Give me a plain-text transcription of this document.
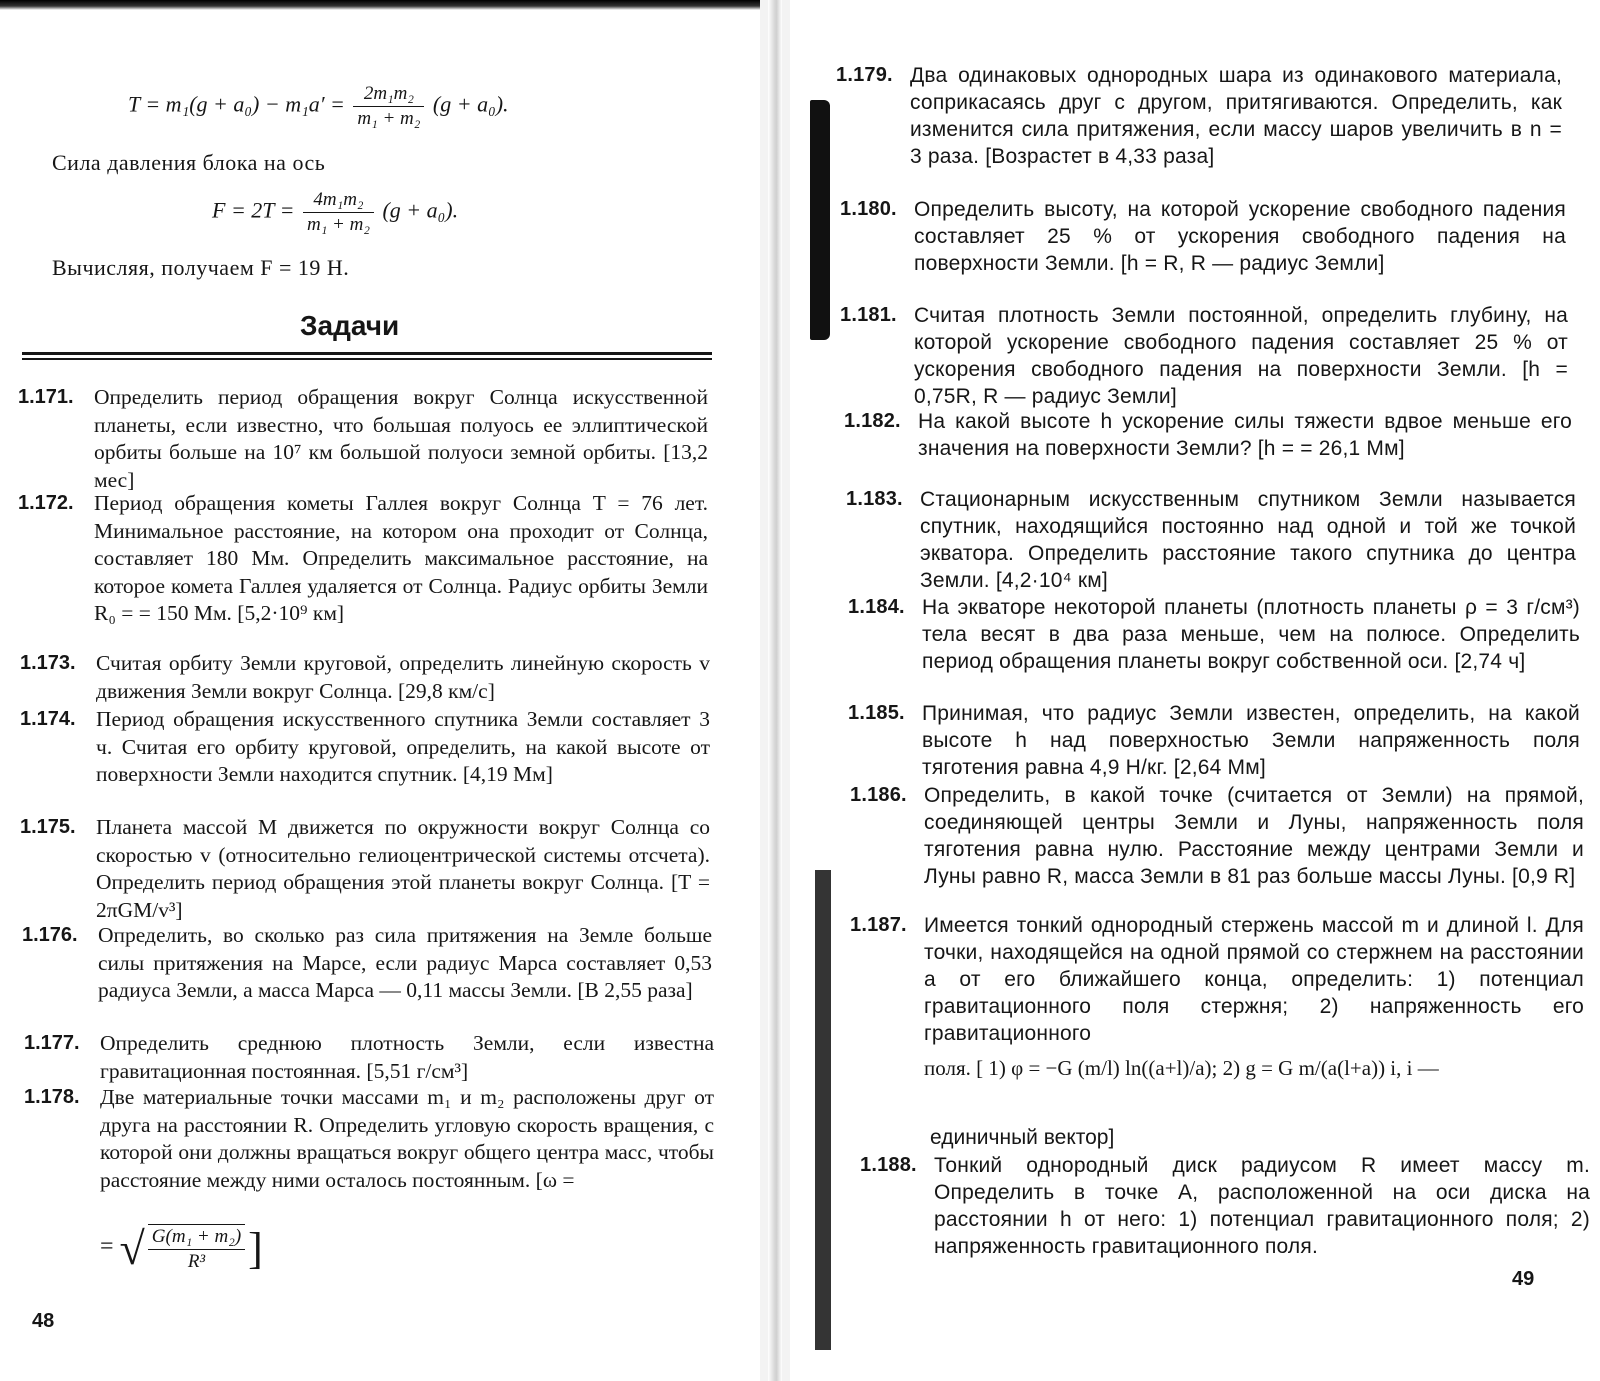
$T = m_1(g + a_0) - m_1a' = \frac{\text{2m₁m₂}}{\text{m₁ + m₂}} (g + a_0)$.
Сила давления блока на ось
$F = 2T = \frac{\text{4m₁m₂}}{\text{m₁ + m₂}} (g + a_0)$.
Вычисляя, получаем F = 19 Н.
Задачи
1.171. Определить период обращения вокруг Солнца искусственной планеты, если известно, что большая полуось ее эллиптической орбиты больше на 10⁷ км большой полуоси земной орбиты. [13,2 мес]
1.172. Период обращения кометы Галлея вокруг Солнца T = 76 лет. Минимальное расстояние, на котором она проходит от Солнца, составляет 180 Мм. Определить максимальное расстояние, на которое комета Галлея удаляется от Солнца. Радиус орбиты Земли R₀ = = 150 Мм. [5,2·10⁹ км]
1.173. Считая орбиту Земли круговой, определить линейную скорость v движения Земли вокруг Солнца. [29,8 км/с]
1.174. Период обращения искусственного спутника Земли составляет 3 ч. Считая его орбиту круговой, определить, на какой высоте от поверхности Земли находится спутник. [4,19 Мм]
1.175. Планета массой M движется по окружности вокруг Солнца со скоростью v (относительно гелиоцентрической системы отсчета). Определить период обращения этой планеты вокруг Солнца. [T = 2πGM/v³]
1.176. Определить, во сколько раз сила притяжения на Земле больше силы притяжения на Марсе, если радиус Марса составляет 0,53 радиуса Земли, а масса Марса — 0,11 массы Земли. [В 2,55 раза]
1.177. Определить среднюю плотность Земли, если известна гравитационная постоянная. [5,51 г/см³]
1.178. Две материальные точки массами m₁ и m₂ расположены друг от друга на расстоянии R. Определить угловую скорость вращения, с которой они должны вращаться вокруг общего центра масс, чтобы расстояние между ними осталось постоянным. [ω =
= √ $\frac{\text{G(m₁ + m₂)}}{\text{R³}}$ ]
48
1.179. Два одинаковых однородных шара из одинакового материала, соприкасаясь друг с другом, притягиваются. Определить, как изменится сила притяжения, если массу шаров увеличить в n = 3 раза. [Возрастет в 4,33 раза]
1.180. Определить высоту, на которой ускорение свободного падения составляет 25 % от ускорения свободного падения на поверхности Земли. [h = R, R — радиус Земли]
1.181. Считая плотность Земли постоянной, определить глубину, на которой ускорение свободного падения составляет 25 % от ускорения свободного падения на поверхности Земли. [h = 0,75R, R — радиус Земли]
1.182. На какой высоте h ускорение силы тяжести вдвое меньше его значения на поверхности Земли? [h = = 26,1 Мм]
1.183. Стационарным искусственным спутником Земли называется спутник, находящийся постоянно над одной и той же точкой экватора. Определить расстояние такого спутника до центра Земли. [4,2·10⁴ км]
1.184. На экваторе некоторой планеты (плотность планеты ρ = 3 г/см³) тела весят в два раза меньше, чем на полюсе. Определить период обращения планеты вокруг собственной оси. [2,74 ч]
1.185. Принимая, что радиус Земли известен, определить, на какой высоте h над поверхностью Земли напряженность поля тяготения равна 4,9 Н/кг. [2,64 Мм]
1.186. Определить, в какой точке (считается от Земли) на прямой, соединяющей центры Земли и Луны, напряженность поля тяготения равна нулю. Расстояние между центрами Земли и Луны равно R, масса Земли в 81 раз больше массы Луны. [0,9 R]
1.187. Имеется тонкий однородный стержень массой m и длиной l. Для точки, находящейся на одной прямой со стержнем на расстоянии a от его ближайшего конца, определить: 1) потенциал гравитационного поля стержня; 2) напряженность его гравитационного
поля. [ 1) φ = −G (m/l) ln((a+l)/a); 2) g = G m/(a(l+a)) i, i —
единичный вектор]
1.188. Тонкий однородный диск радиусом R имеет массу m. Определить в точке A, расположенной на оси диска на расстоянии h от него: 1) потенциал гравитационного поля; 2) напряженность гравитационного поля.
49
